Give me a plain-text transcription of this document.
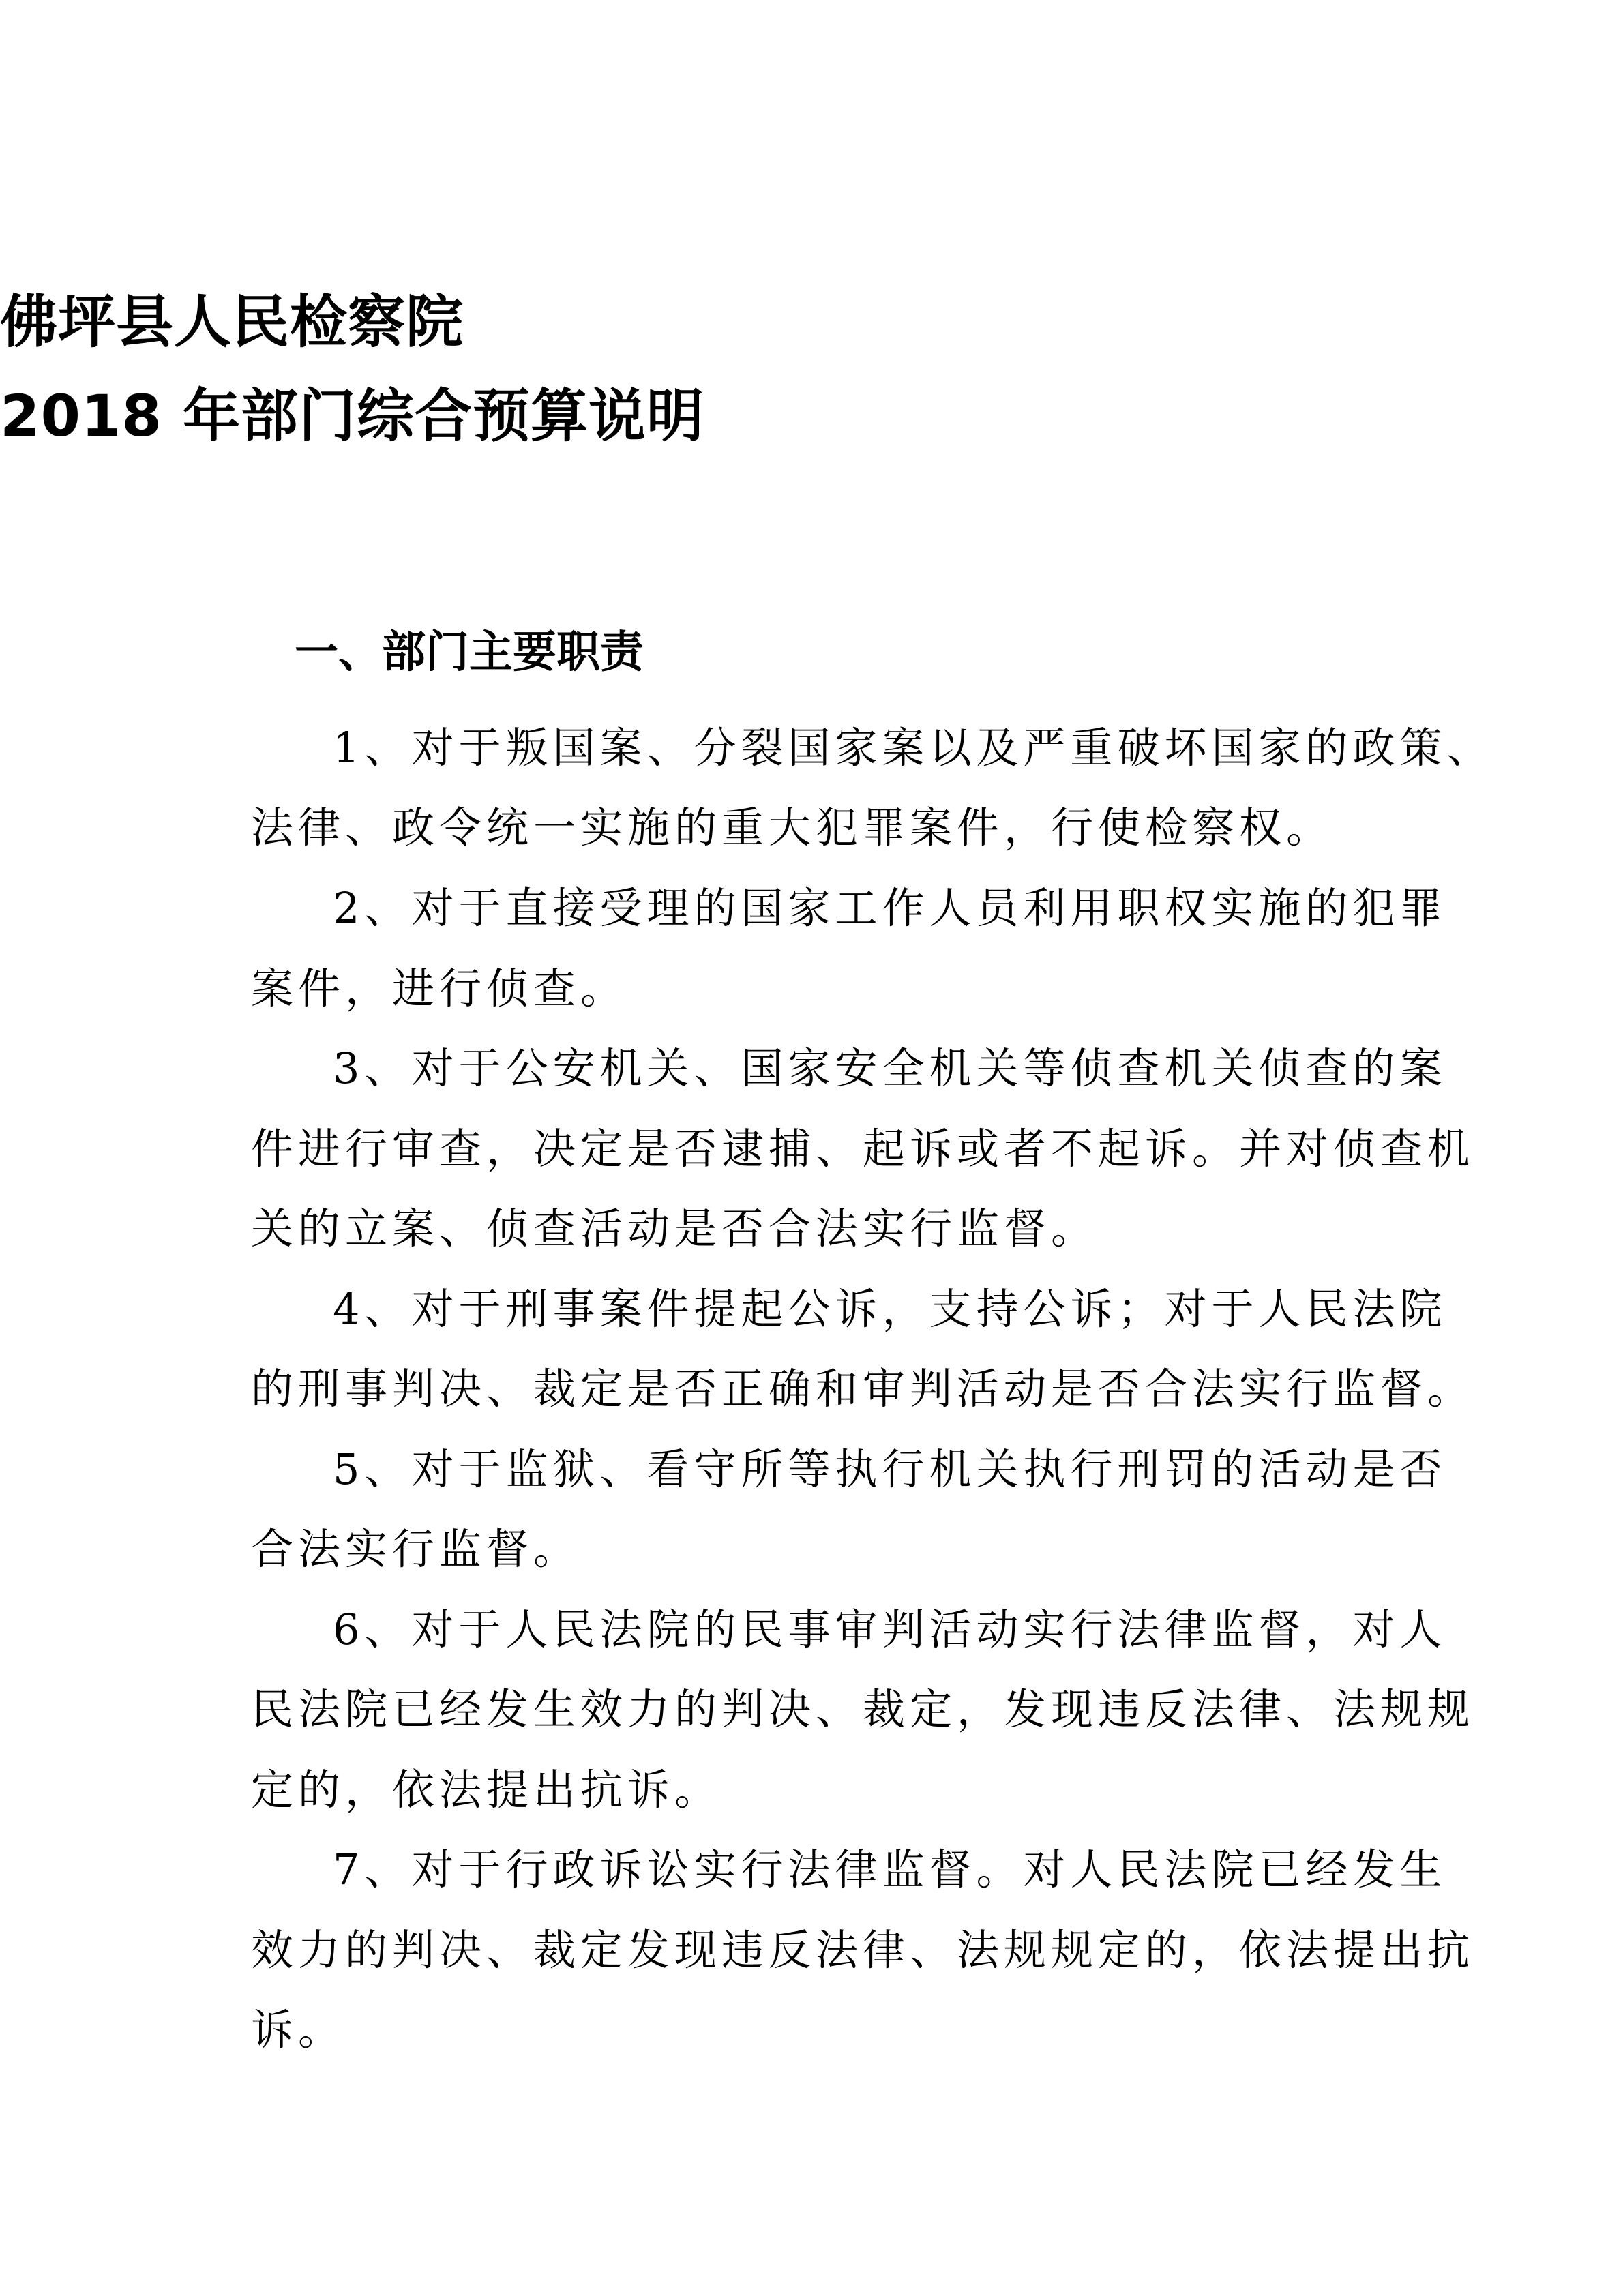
佛坪县人民检察院
2018 年部门综合预算说明
一、部门主要职责
1、对于叛国案、分裂国家案以及严重破坏国家的政策、
法律、政令统一实施的重大犯罪案件，行使检察权。
2、对于直接受理的国家工作人员利用职权实施的犯罪
案件，进行侦查。
3、对于公安机关、国家安全机关等侦查机关侦查的案
件进行审查，决定是否逮捕、起诉或者不起诉。并对侦查机
关的立案、侦查活动是否合法实行监督。
4、对于刑事案件提起公诉，支持公诉；对于人民法院
的刑事判决、裁定是否正确和审判活动是否合法实行监督。
5、对于监狱、看守所等执行机关执行刑罚的活动是否
合法实行监督。
6、对于人民法院的民事审判活动实行法律监督，对人
民法院已经发生效力的判决、裁定，发现违反法律、法规规
定的，依法提出抗诉。
7、对于行政诉讼实行法律监督。对人民法院已经发生
效力的判决、裁定发现违反法律、法规规定的，依法提出抗
诉。
